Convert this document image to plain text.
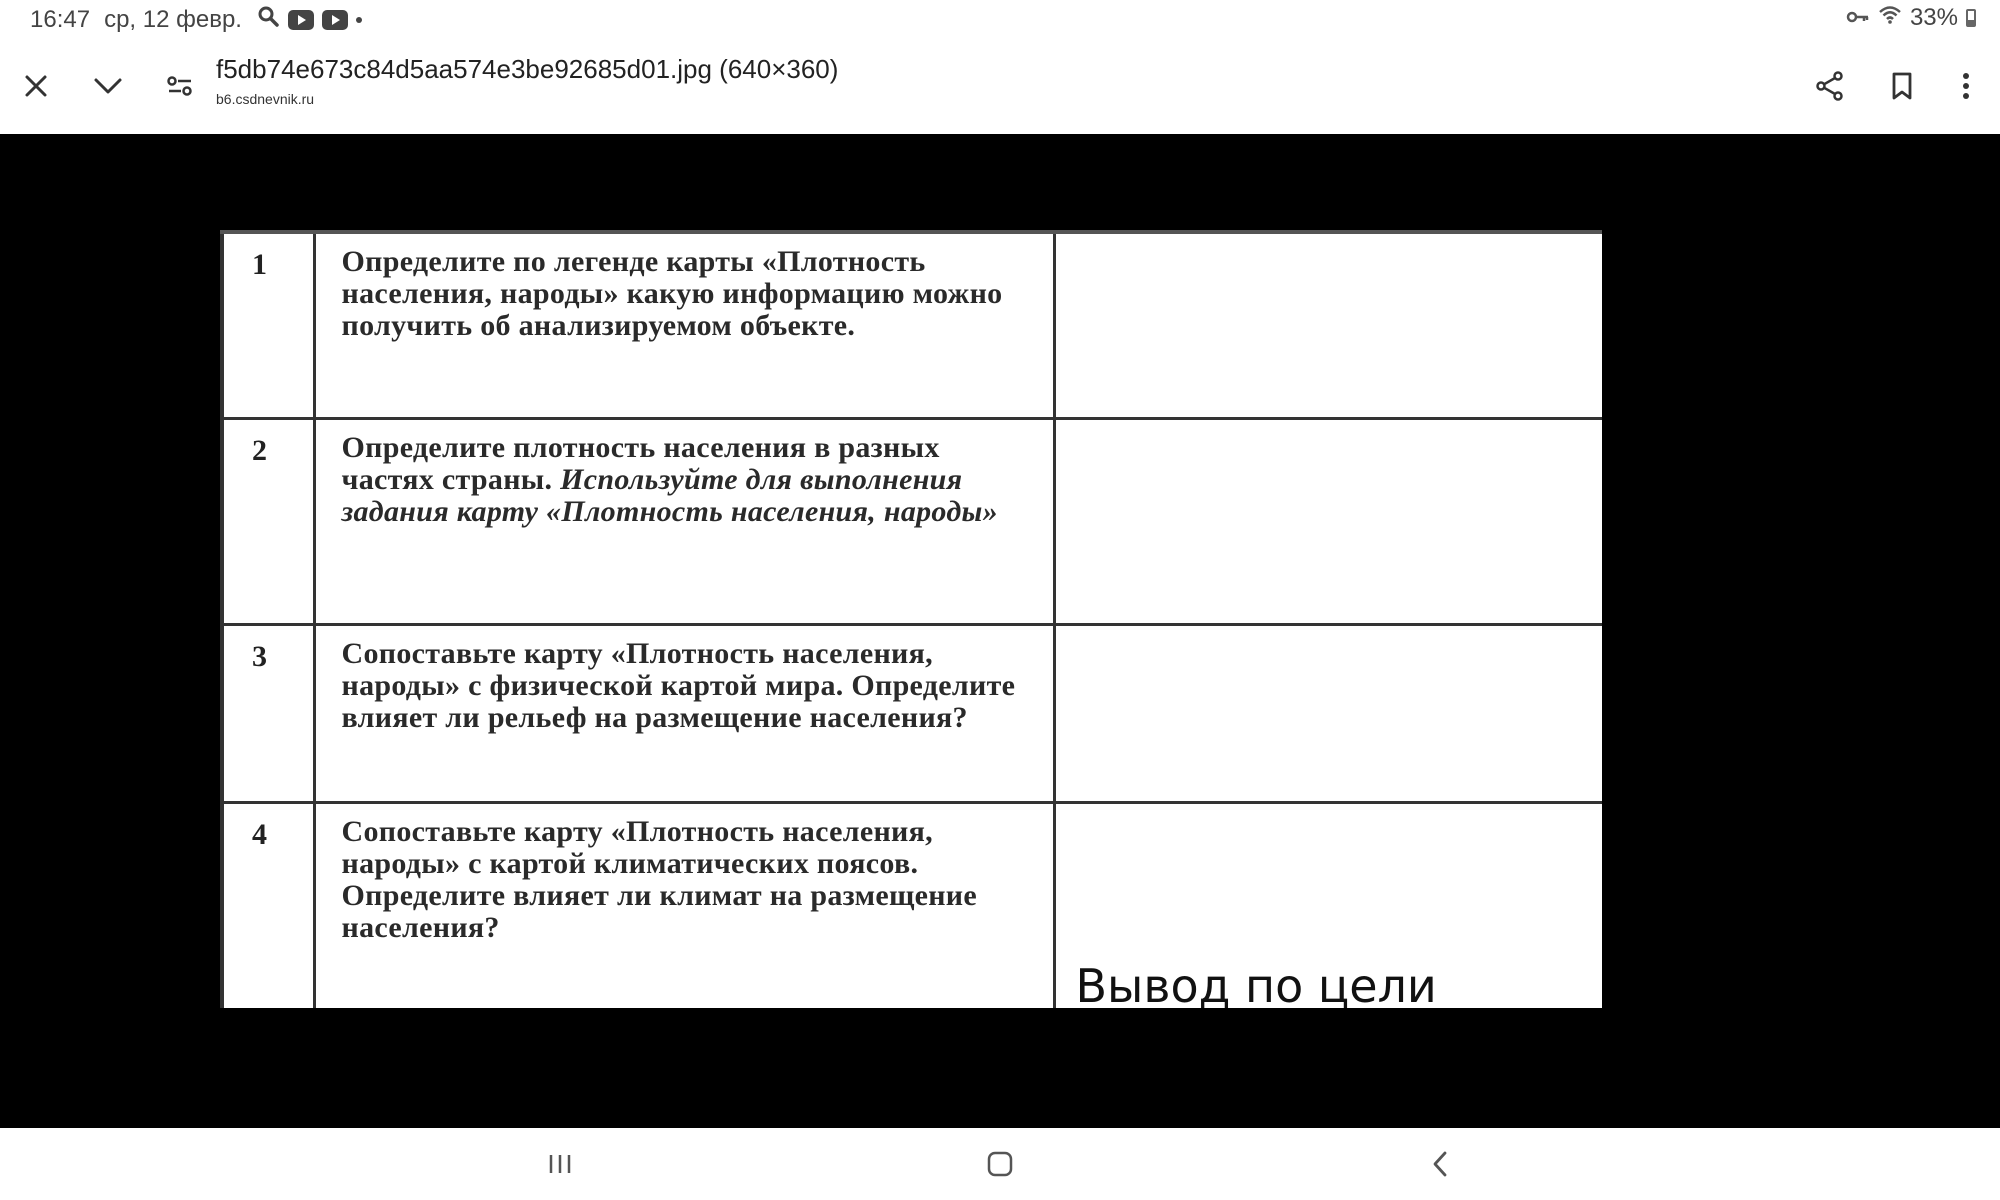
16:47 ср, 12 февр.	33%
f5db74e673c84d5aa574e3be92685d01.jpg (640×360)
b6.csdnevnik.ru
1	Определите по легенде карты «Плотность населения, народы» какую информацию можно получить об анализируемом объекте.	
2	Определите плотность населения в разных частях страны. Используйте для выполнения задания карту «Плотность населения, народы»	
3	Сопоставьте карту «Плотность населения, народы» с физической картой мира. Определите влияет ли рельеф на размещение населения?	
4	Сопоставьте карту «Плотность населения, народы» с картой климатических поясов. Определите влияет ли климат на размещение населения?	Вывод по цели
